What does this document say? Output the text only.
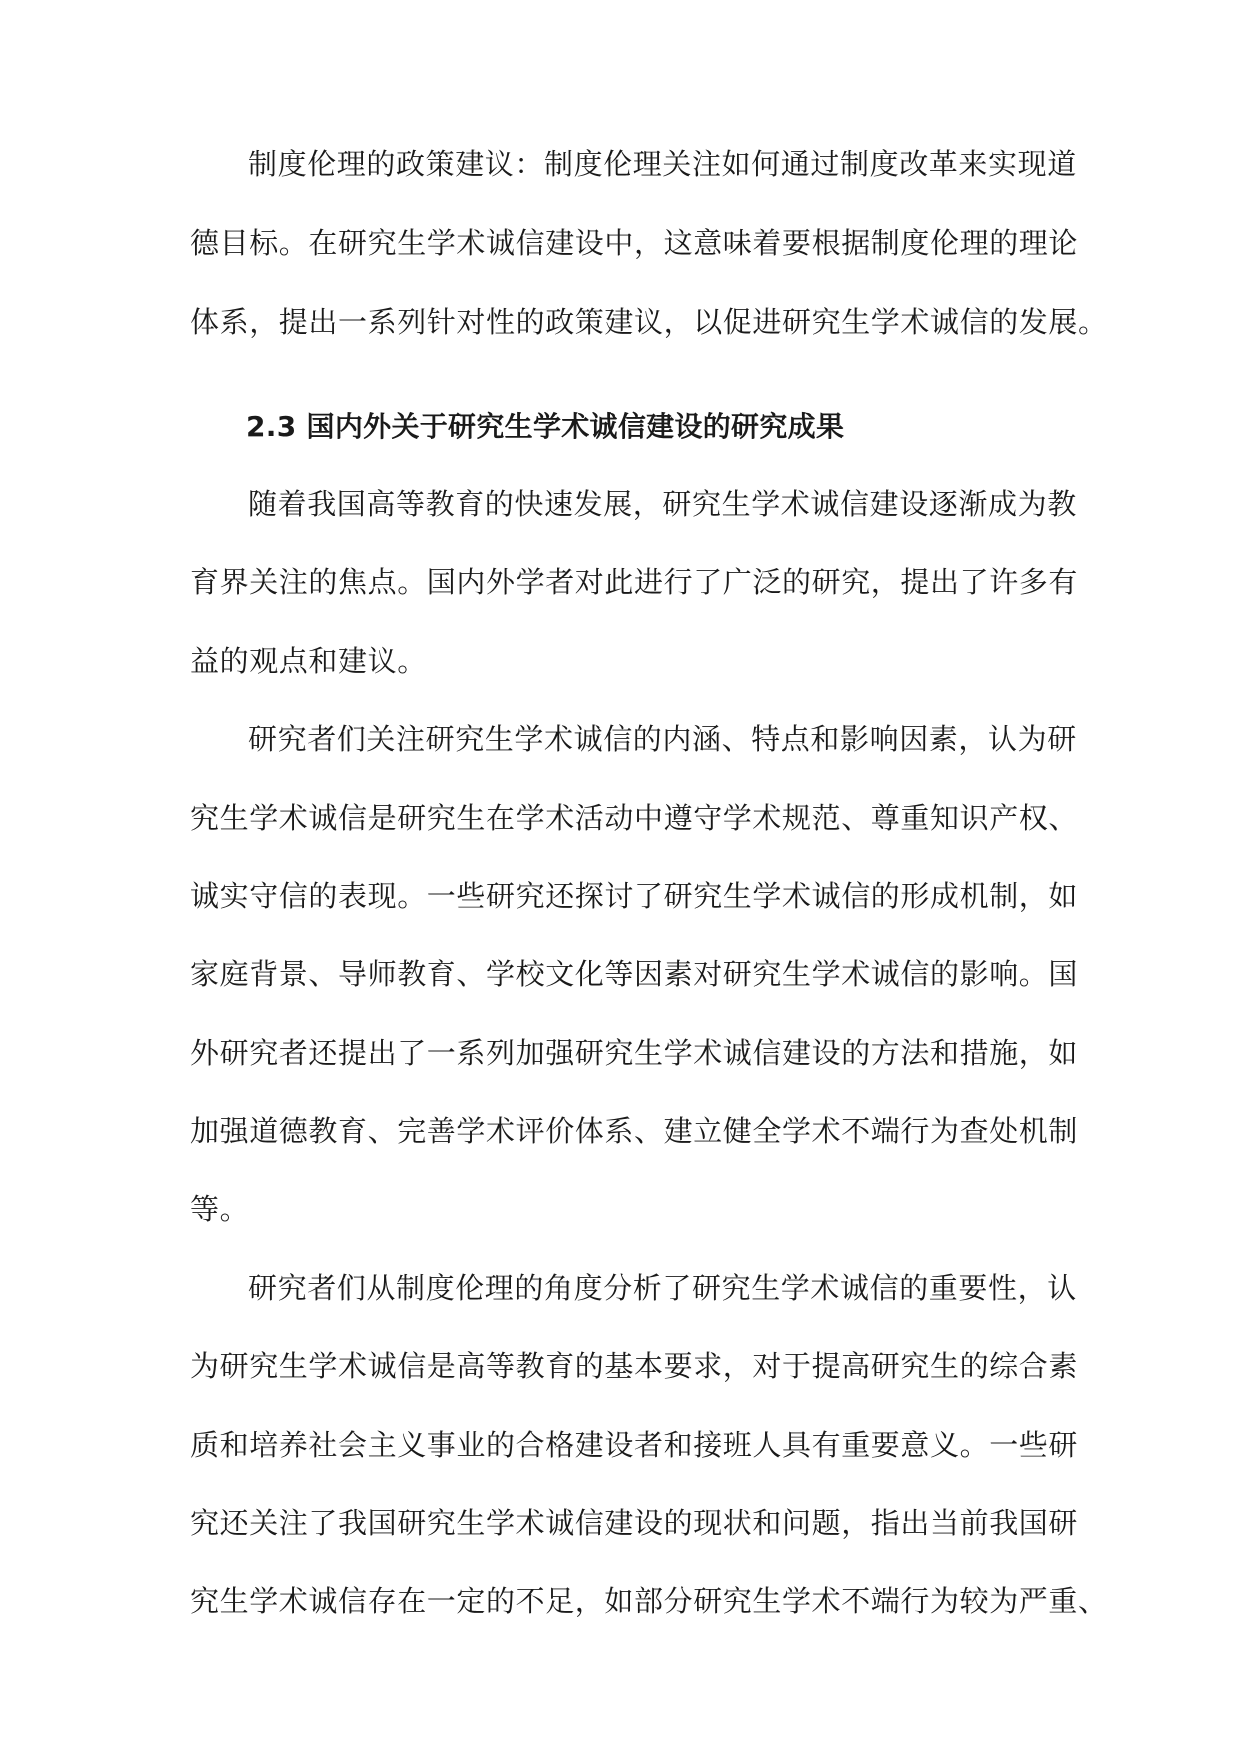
制度伦理的政策建议：制度伦理关注如何通过制度改革来实现道
德目标。在研究生学术诚信建设中，这意味着要根据制度伦理的理论
体系，提出一系列针对性的政策建议，以促进研究生学术诚信的发展。
2.3 国内外关于研究生学术诚信建设的研究成果
随着我国高等教育的快速发展，研究生学术诚信建设逐渐成为教
育界关注的焦点。国内外学者对此进行了广泛的研究，提出了许多有
益的观点和建议。
研究者们关注研究生学术诚信的内涵、特点和影响因素，认为研
究生学术诚信是研究生在学术活动中遵守学术规范、尊重知识产权、
诚实守信的表现。一些研究还探讨了研究生学术诚信的形成机制，如
家庭背景、导师教育、学校文化等因素对研究生学术诚信的影响。国
外研究者还提出了一系列加强研究生学术诚信建设的方法和措施，如
加强道德教育、完善学术评价体系、建立健全学术不端行为查处机制
等。
研究者们从制度伦理的角度分析了研究生学术诚信的重要性，认
为研究生学术诚信是高等教育的基本要求，对于提高研究生的综合素
质和培养社会主义事业的合格建设者和接班人具有重要意义。一些研
究还关注了我国研究生学术诚信建设的现状和问题，指出当前我国研
究生学术诚信存在一定的不足，如部分研究生学术不端行为较为严重、
